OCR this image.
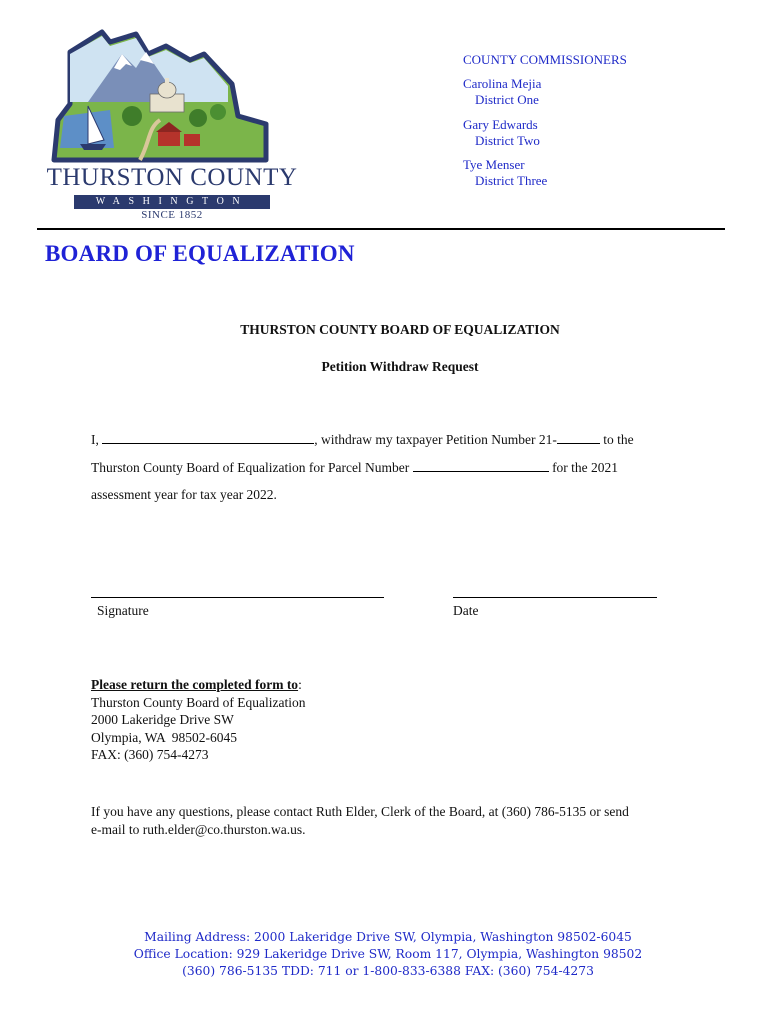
THURSTON COUNTY
WASHINGTON
SINCE 1852
COUNTY COMMISSIONERS
Carolina Mejia
District One
Gary Edwards
District Two
Tye Menser
District Three
BOARD OF EQUALIZATION
THURSTON COUNTY BOARD OF EQUALIZATION
Petition Withdraw Request
I,	, withdraw my taxpayer Petition Number 21-	to the
Thurston County Board of Equalization for Parcel Number	for the 2021
assessment year for tax year 2022.
Signature	Date
Please return the completed form to:
Thurston County Board of Equalization
2000 Lakeridge Drive SW
Olympia, WA  98502-6045
FAX: (360) 754-4273
If you have any questions, please contact Ruth Elder, Clerk of the Board, at (360) 786-5135 or send
e-mail to ruth.elder@co.thurston.wa.us.
Mailing Address: 2000 Lakeridge Drive SW, Olympia, Washington 98502-6045
Office Location: 929 Lakeridge Drive SW, Room 117, Olympia, Washington 98502
(360) 786-5135 TDD: 711 or 1-800-833-6388 FAX: (360) 754-4273
